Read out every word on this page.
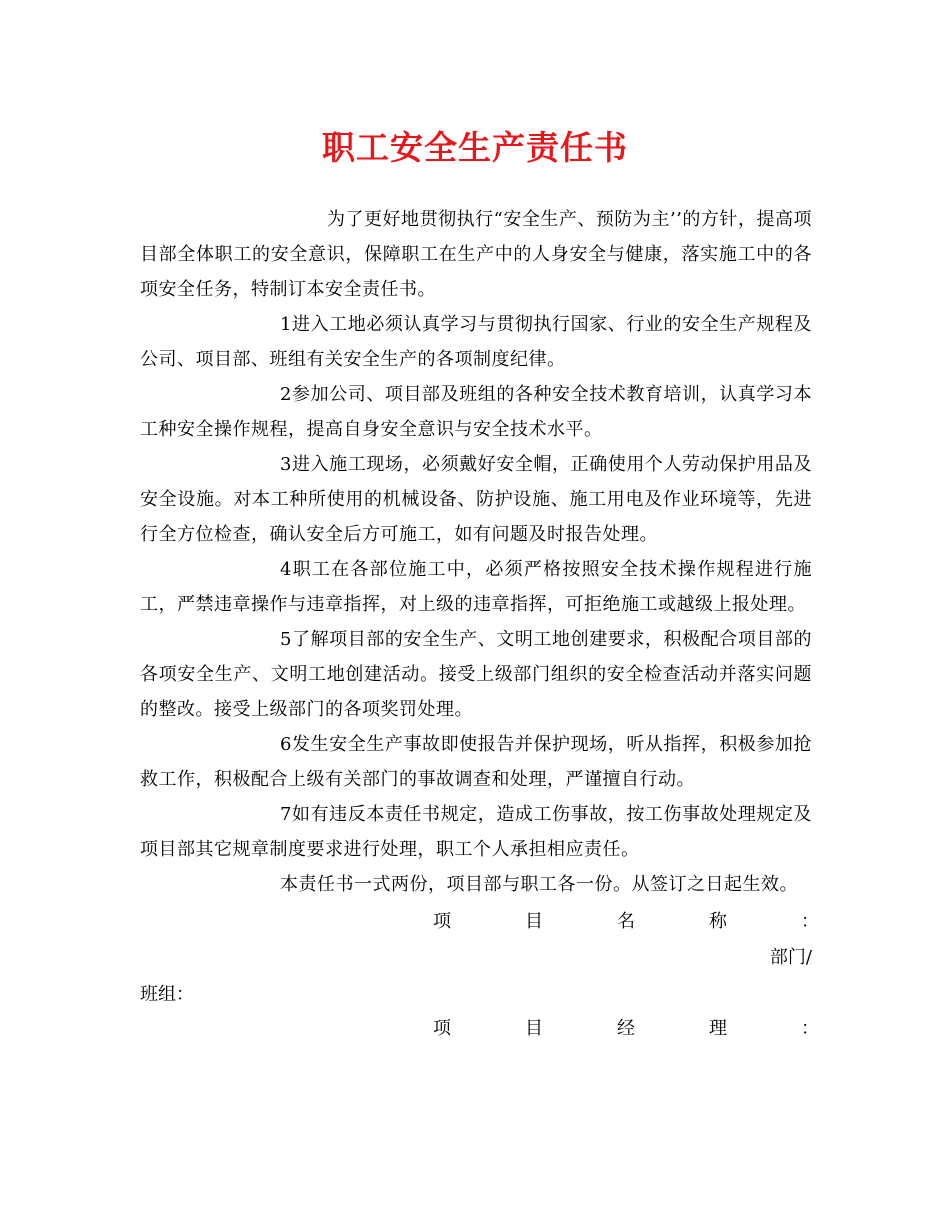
职工安全生产责任书

为了更好地贯彻执行“安全生产、预防为主’’的方针，提高项目部全体职工的安全意识，保障职工在生产中的人身安全与健康，落实施工中的各项安全任务，特制订本安全责任书。

1进入工地必须认真学习与贯彻执行国家、行业的安全生产规程及公司、项目部、班组有关安全生产的各项制度纪律。

2参加公司、项目部及班组的各种安全技术教育培训，认真学习本工种安全操作规程，提高自身安全意识与安全技术水平。

3进入施工现场，必须戴好安全帽，正确使用个人劳动保护用品及安全设施。对本工种所使用的机械设备、防护设施、施工用电及作业环境等，先进行全方位检查，确认安全后方可施工，如有问题及时报告处理。

4职工在各部位施工中，必须严格按照安全技术操作规程进行施工，严禁违章操作与违章指挥，对上级的违章指挥，可拒绝施工或越级上报处理。

5了解项目部的安全生产、文明工地创建要求，积极配合项目部的各项安全生产、文明工地创建活动。接受上级部门组织的安全检查活动并落实问题的整改。接受上级部门的各项奖罚处理。

6发生安全生产事故即使报告并保护现场，听从指挥，积极参加抢救工作，积极配合上级有关部门的事故调查和处理，严谨擅自行动。

7如有违反本责任书规定，造成工伤事故，按工伤事故处理规定及项目部其它规章制度要求进行处理，职工个人承担相应责任。

本责任书一式两份，项目部与职工各一份。从签订之日起生效。

项	目	名	称	：
部门/
班组：
项	目	经	理	：
